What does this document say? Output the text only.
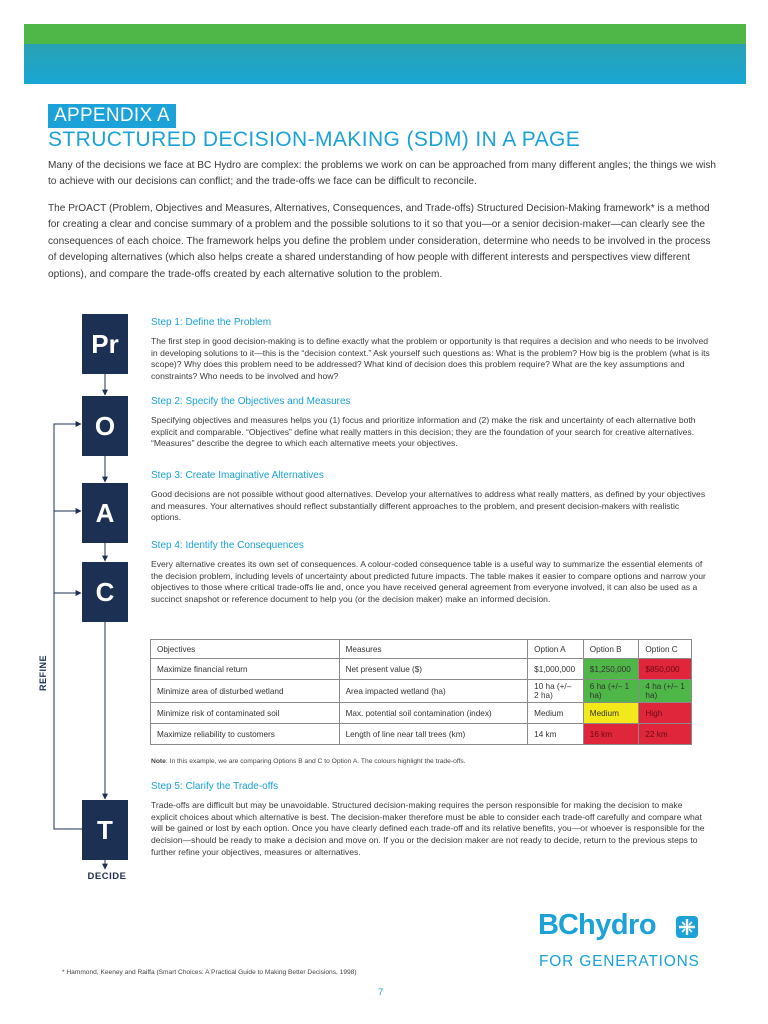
APPENDIX A
STRUCTURED DECISION-MAKING (SDM) IN A PAGE

Many of the decisions we face at BC Hydro are complex: the problems we work on can be approached from many different angles; the things we wish to achieve with our decisions can conflict; and the trade-offs we face can be difficult to reconcile.

The PrOACT (Problem, Objectives and Measures, Alternatives, Consequences, and Trade-offs) Structured Decision-Making framework* is a method for creating a clear and concise summary of a problem and the possible solutions to it so that you—or a senior decision-maker—can clearly see the consequences of each choice. The framework helps you define the problem under consideration, determine who needs to be involved in the process of developing alternatives (which also helps create a shared understanding of how people with different interests and perspectives view different options), and compare the trade-offs created by each alternative solution to the problem.

Pr
O
A
C
T
REFINE
DECIDE
Step 1: Define the Problem

The first step in good decision-making is to define exactly what the problem or opportunity is that requires a decision and who needs to be involved in developing solutions to it—this is the “decision context.” Ask yourself such questions as: What is the problem? How big is the problem (what is its scope)? Why does this problem need to be addressed? What kind of decision does this problem require? What are the key assumptions and constraints? Who needs to be involved and how?

Step 2: Specify the Objectives and Measures

Specifying objectives and measures helps you (1) focus and prioritize information and (2) make the risk and uncertainty of each alternative both explicit and comparable. “Objectives” define what really matters in this decision; they are the foundation of your search for creative alternatives. “Measures” describe the degree to which each alternative meets your objectives.

Step 3: Create Imaginative Alternatives

Good decisions are not possible without good alternatives. Develop your alternatives to address what really matters, as defined by your objectives and measures. Your alternatives should reflect substantially different approaches to the problem, and present decision-makers with realistic options.

Step 4: Identify the Consequences

Every alternative creates its own set of consequences. A colour-coded consequence table is a useful way to summarize the essential elements of the decision problem, including levels of uncertainty about predicted future impacts. The table makes it easier to compare options and narrow your objectives to those where critical trade-offs lie and, once you have received general agreement from everyone involved, it can also be used as a succinct snapshot or reference document to help you (or the decision maker) make an informed decision.

Objectives	Measures	Option A	Option B	Option C
Maximize financial return	Net present value ($)	$1,000,000	$1,250,000	$850,000
Minimize area of disturbed wetland	Area impacted wetland (ha)	10 ha (+/– 2 ha)	6 ha (+/– 1 ha)	4 ha (+/– 1 ha)
Minimize risk of contaminated soil	Max. potential soil contamination (index)	Medium	Medium	High
Maximize reliability to customers	Length of line near tall trees (km)	14 km	16 km	22 km
Note: In this example, we are comparing Options B and C to Option A. The colours highlight the trade-offs.
Step 5: Clarify the Trade-offs

Trade-offs are difficult but may be unavoidable. Structured decision-making requires the person responsible for making the decision to make explicit choices about which alternative is best. The decision-maker therefore must be able to consider each trade-off carefully and compare what will be gained or lost by each option. Once you have clearly defined each trade-off and its relative benefits, you—or whoever is responsible for the decision—should be ready to make a decision and move on. If you or the decision maker are not ready to decide, return to the previous steps to further refine your objectives, measures or alternatives.

BC hydro
FOR GENERATIONS
* Hammond, Keeney and Raiffa (Smart Choices: A Practical Guide to Making Better Decisions, 1998)
7
